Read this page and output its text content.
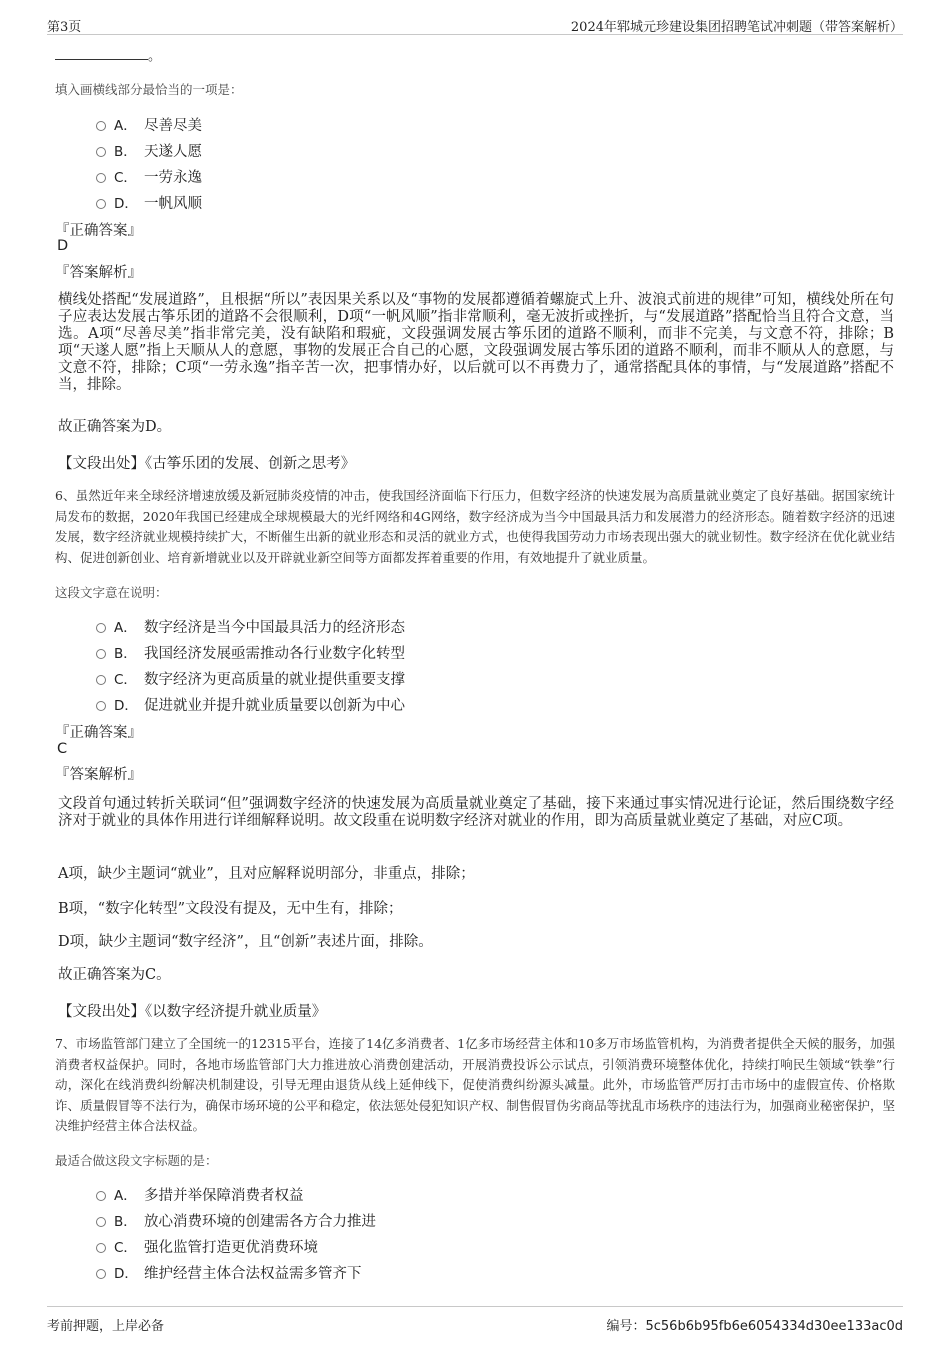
第3页	2024年郓城元珍建设集团招聘笔试冲刺题（带答案解析）
。
填入画横线部分最恰当的一项是：
A． 尽善尽美
B． 天遂人愿
C． 一劳永逸
D． 一帆风顺
『正确答案』
D
『答案解析』
横线处搭配“发展道路”，且根据“所以”表因果关系以及“事物的发展都遵循着螺旋式上升、波浪式前进的规律”可知，横线处所在句子应表达发展古筝乐团的道路不会很顺利，D项“一帆风顺”指非常顺利，毫无波折或挫折，与“发展道路”搭配恰当且符合文意，当选。A项“尽善尽美”指非常完美，没有缺陷和瑕疵，文段强调发展古筝乐团的道路不顺利，而非不完美，与文意不符，排除；B项“天遂人愿”指上天顺从人的意愿，事物的发展正合自己的心愿，文段强调发展古筝乐团的道路不顺利，而非不顺从人的意愿，与文意不符，排除；C项“一劳永逸”指辛苦一次，把事情办好，以后就可以不再费力了，通常搭配具体的事情，与“发展道路”搭配不当，排除。
故正确答案为D。
【文段出处】《古筝乐团的发展、创新之思考》
6、虽然近年来全球经济增速放缓及新冠肺炎疫情的冲击，使我国经济面临下行压力，但数字经济的快速发展为高质量就业奠定了良好基础。据国家统计局发布的数据，2020年我国已经建成全球规模最大的光纤网络和4G网络，数字经济成为当今中国最具活力和发展潜力的经济形态。随着数字经济的迅速发展，数字经济就业规模持续扩大，不断催生出新的就业形态和灵活的就业方式，也使得我国劳动力市场表现出强大的就业韧性。数字经济在优化就业结构、促进创新创业、培育新增就业以及开辟就业新空间等方面都发挥着重要的作用，有效地提升了就业质量。
这段文字意在说明：
A． 数字经济是当今中国最具活力的经济形态
B． 我国经济发展亟需推动各行业数字化转型
C． 数字经济为更高质量的就业提供重要支撑
D． 促进就业并提升就业质量要以创新为中心
『正确答案』
C
『答案解析』
文段首句通过转折关联词“但”强调数字经济的快速发展为高质量就业奠定了基础，接下来通过事实情况进行论证，然后围绕数字经济对于就业的具体作用进行详细解释说明。故文段重在说明数字经济对就业的作用，即为高质量就业奠定了基础，对应C项。
A项，缺少主题词“就业”，且对应解释说明部分，非重点，排除；
B项，“数字化转型”文段没有提及，无中生有，排除；
D项，缺少主题词“数字经济”，且“创新”表述片面，排除。
故正确答案为C。
【文段出处】《以数字经济提升就业质量》
7、市场监管部门建立了全国统一的12315平台，连接了14亿多消费者、1亿多市场经营主体和10多万市场监管机构，为消费者提供全天候的服务，加强消费者权益保护。同时，各地市场监管部门大力推进放心消费创建活动，开展消费投诉公示试点，引领消费环境整体优化，持续打响民生领域“铁拳”行动，深化在线消费纠纷解决机制建设，引导无理由退货从线上延伸线下，促使消费纠纷源头减量。此外，市场监管严厉打击市场中的虚假宣传、价格欺诈、质量假冒等不法行为，确保市场环境的公平和稳定，依法惩处侵犯知识产权、制售假冒伪劣商品等扰乱市场秩序的违法行为，加强商业秘密保护，坚决维护经营主体合法权益。
最适合做这段文字标题的是：
A． 多措并举保障消费者权益
B． 放心消费环境的创建需各方合力推进
C． 强化监管打造更优消费环境
D． 维护经营主体合法权益需多管齐下
考前押题，上岸必备	编号：5c56b6b95fb6e6054334d30ee133ac0d
